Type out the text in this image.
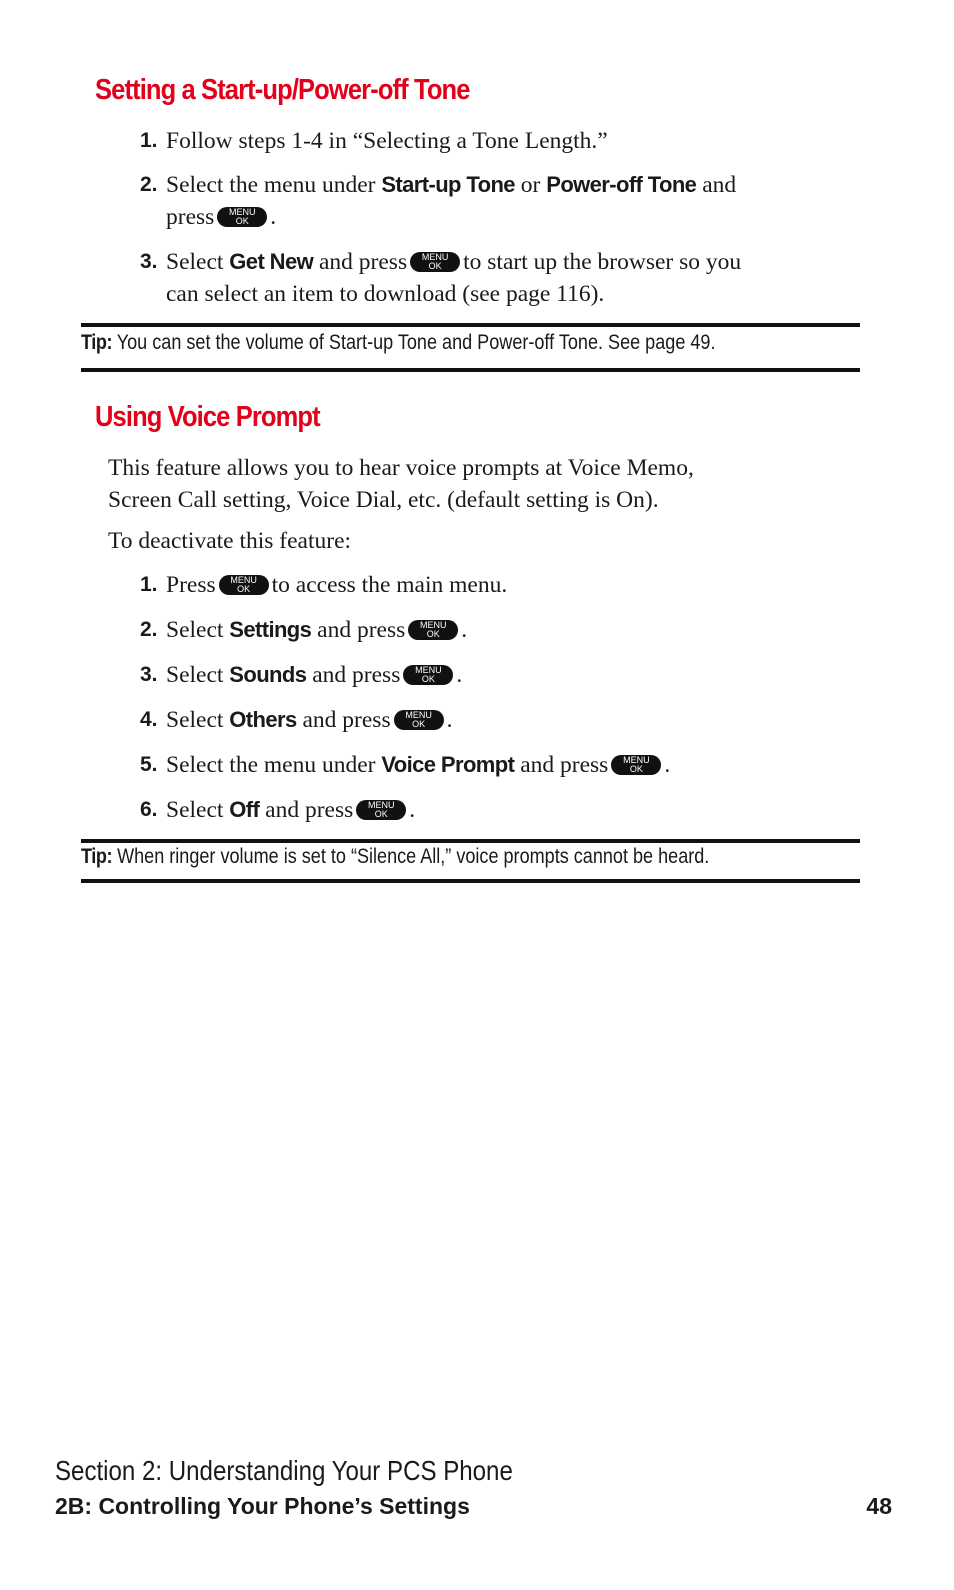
Setting a Start-up/Power-off Tone
1. Follow steps 1-4 in “Selecting a Tone Length.”
2. Select the menu under Start-up Tone or Power-off Tone and
press	MENU
OK .
3. Select Get New and press	MENU
OK to start up the browser so you
can select an item to download (see page 116).
Tip: You can set the volume of Start-up Tone and Power-off Tone. See page 49.
Using Voice Prompt
This feature allows you to hear voice prompts at Voice Memo,
Screen Call setting, Voice Dial, etc. (default setting is On).
To deactivate this feature:
1. Press	MENU
OK to access the main menu.
2. Select Settings and press	MENU
OK .
3. Select Sounds and press	MENU
OK .
4. Select Others and press	MENU
OK .
5. Select the menu under Voice Prompt and press	MENU
OK .
6. Select Off and press	MENU
OK .
Tip: When ringer volume is set to “Silence All,” voice prompts cannot be heard.
Section 2: Understanding Your PCS Phone
2B: Controlling Your Phone’s Settings	48
